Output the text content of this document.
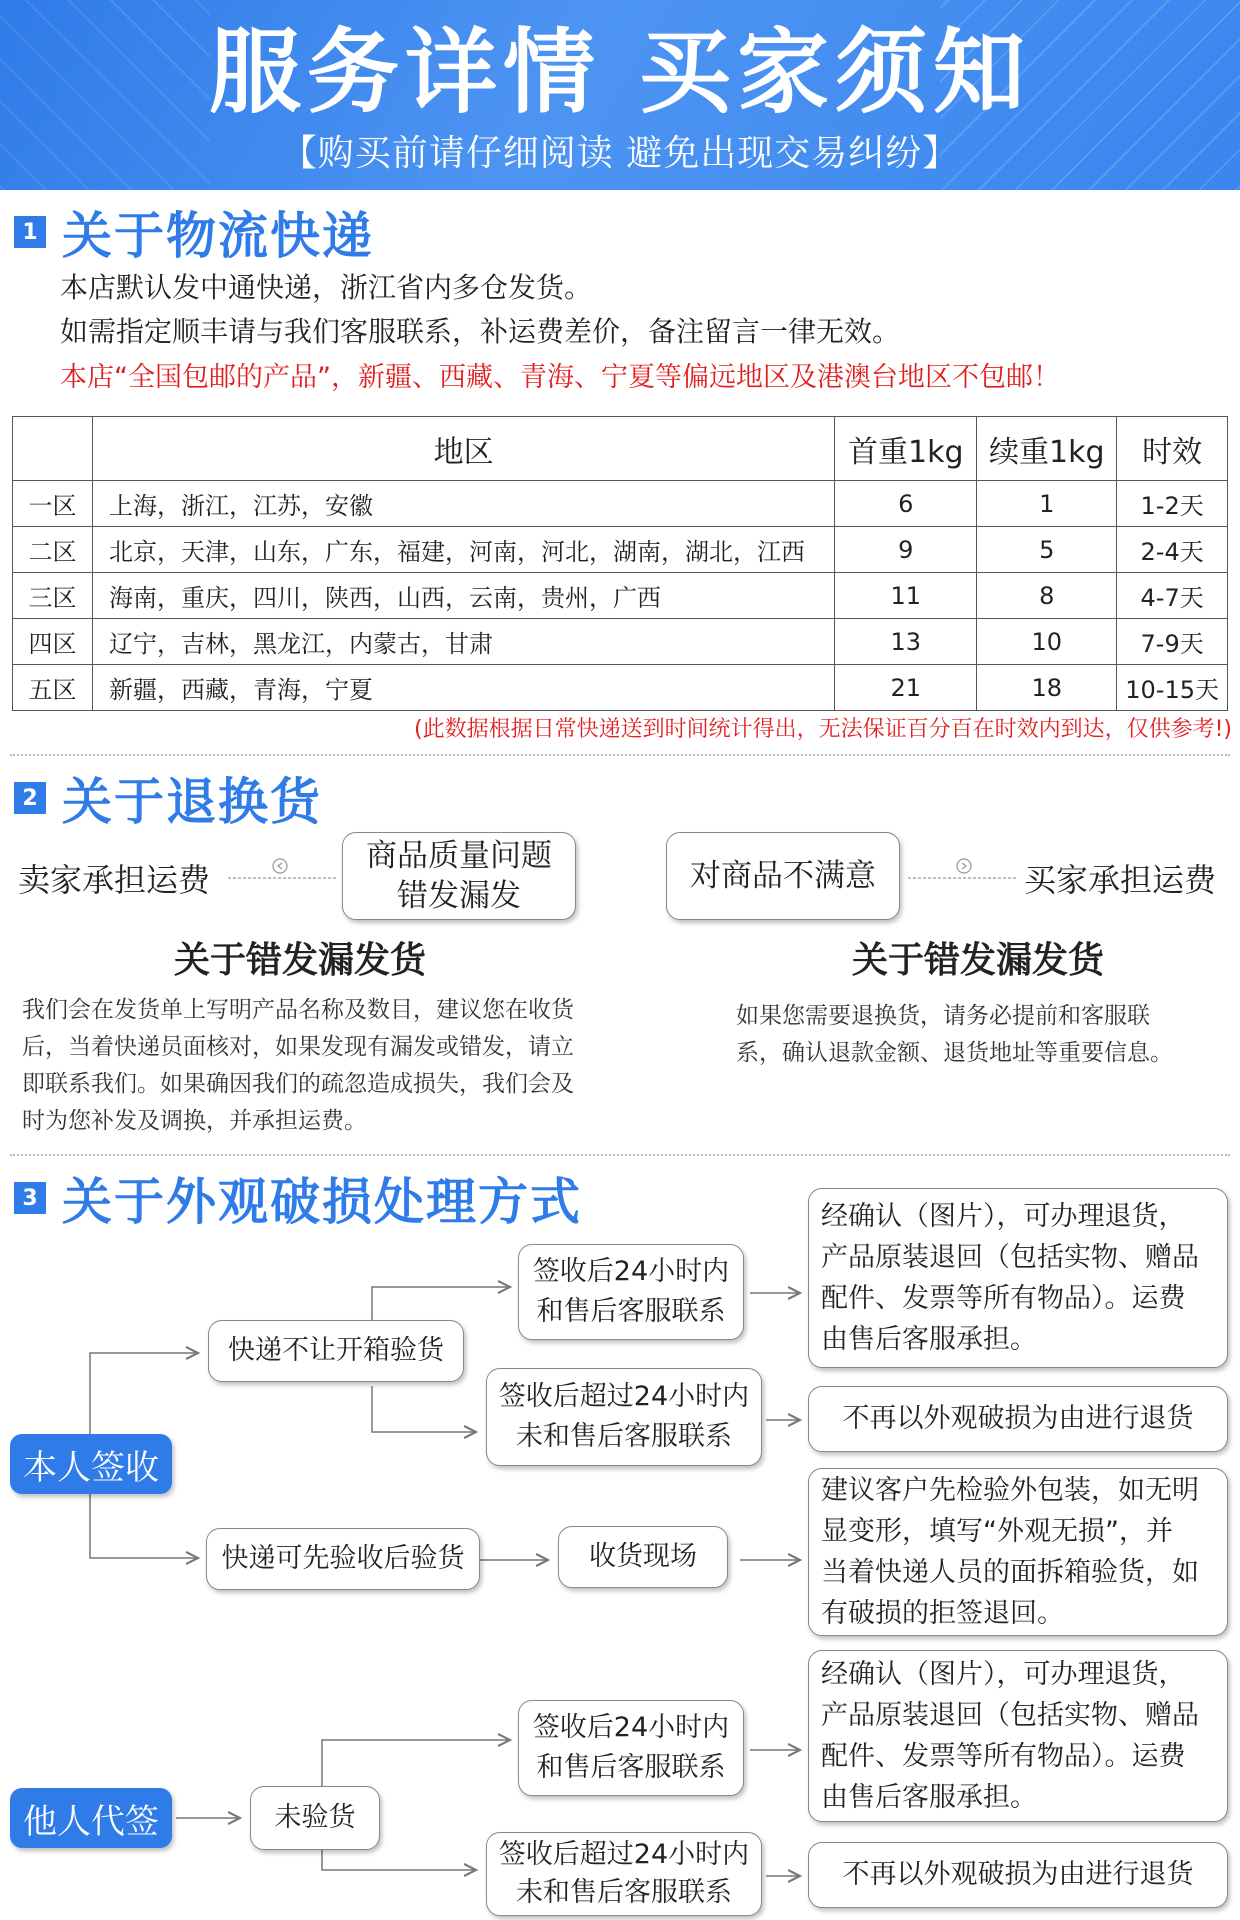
服务详情 买家须知
【购买前请仔细阅读 避免出现交易纠纷】
1 关于物流快递
本店默认发中通快递，浙江省内多仓发货。
如需指定顺丰请与我们客服联系，补运费差价，备注留言一律无效。
本店“全国包邮的产品”，新疆、西藏、青海、宁夏等偏远地区及港澳台地区不包邮！
	地区	首重1kg	续重1kg	时效
一区	上海，浙江，江苏，安徽	6	1	1-2天
二区	北京，天津，山东，广东，福建，河南，河北，湖南，湖北，江西	9	5	2-4天
三区	海南，重庆，四川，陕西，山西，云南，贵州，广西	11	8	4-7天
四区	辽宁，吉林，黑龙江，内蒙古，甘肃	13	10	7-9天
五区	新疆，西藏，青海，宁夏	21	18	10-15天
(此数据根据日常快递送到时间统计得出，无法保证百分百在时效内到达，仅供参考!)
2 关于退换货
卖家承担运费
商品质量问题
错发漏发
对商品不满意	买家承担运费
关于错发漏发货	关于错发漏发货
我们会在发货单上写明产品名称及数目，建议您在收货
后，当着快递员面核对，如果发现有漏发或错发，请立
即联系我们。如果确因我们的疏忽造成损失，我们会及
时为您补发及调换，并承担运费。
如果您需要退换货，请务必提前和客服联
系，确认退款金额、退货地址等重要信息。
3 关于外观破损处理方式
本人签收
他人代签
快递不让开箱验货
快递可先验收后验货	收货现场
未验货
签收后24小时内
和售后客服联系
签收后超过24小时内
未和售后客服联系
签收后24小时内
和售后客服联系
签收后超过24小时内
未和售后客服联系
经确认（图片），可办理退货，
产品原装退回（包括实物、赠品
配件、发票等所有物品）。运费
由售后客服承担。
不再以外观破损为由进行退货
建议客户先检验外包装，如无明
显变形，填写“外观无损”，并
当着快递人员的面拆箱验货，如
有破损的拒签退回。
经确认（图片），可办理退货，
产品原装退回（包括实物、赠品
配件、发票等所有物品）。运费
由售后客服承担。
不再以外观破损为由进行退货
